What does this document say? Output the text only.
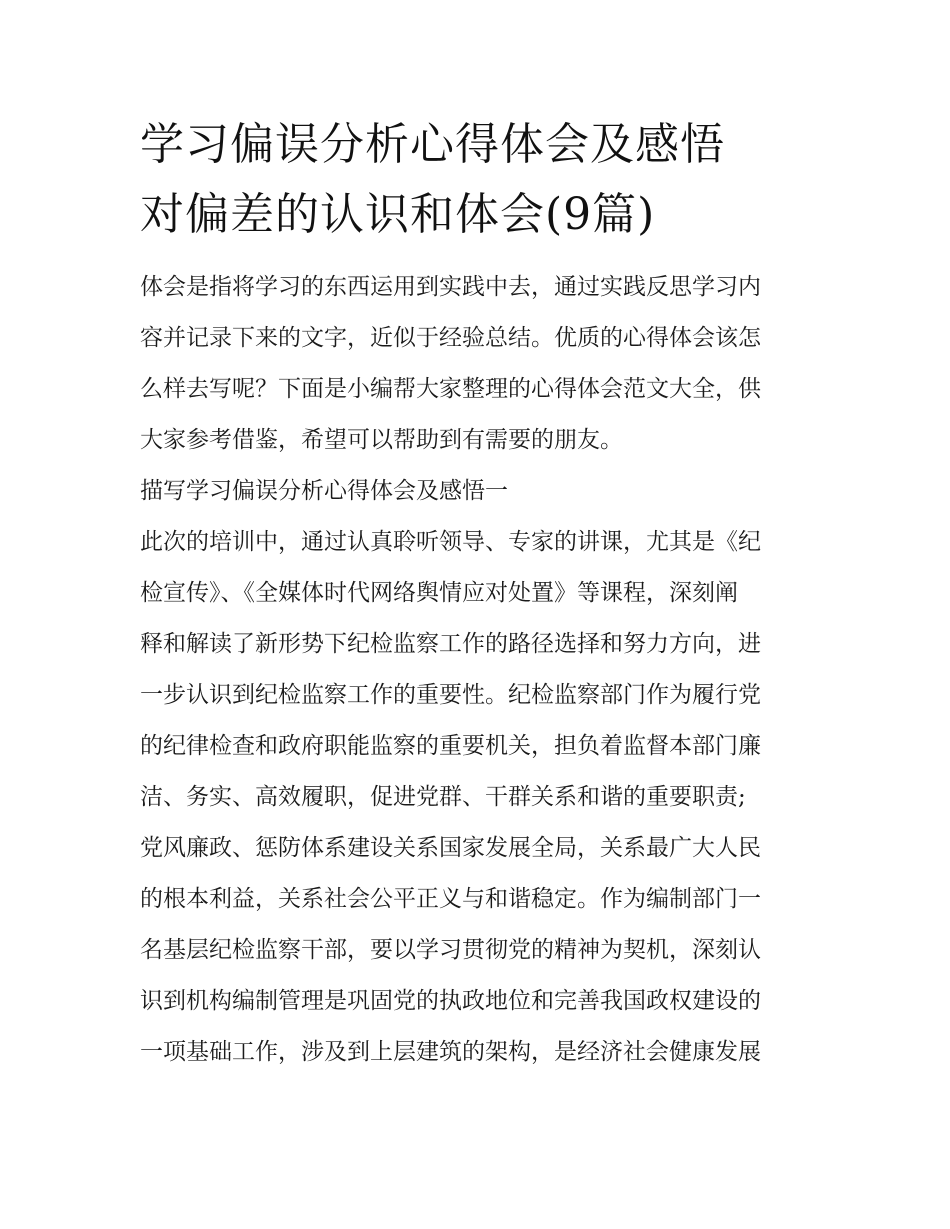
学习偏误分析心得体会及感悟
对偏差的认识和体会(9篇)

体会是指将学习的东西运用到实践中去，通过实践反思学习内
容并记录下来的文字，近似于经验总结。优质的心得体会该怎
么样去写呢？下面是小编帮大家整理的心得体会范文大全，供
大家参考借鉴，希望可以帮助到有需要的朋友。

描写学习偏误分析心得体会及感悟一

此次的培训中，通过认真聆听领导、专家的讲课，尤其是《纪
检宣传》、《全媒体时代网络舆情应对处置》等课程，深刻阐
释和解读了新形势下纪检监察工作的路径选择和努力方向，进
一步认识到纪检监察工作的重要性。纪检监察部门作为履行党
的纪律检查和政府职能监察的重要机关，担负着监督本部门廉
洁、务实、高效履职，促进党群、干群关系和谐的重要职责;
党风廉政、惩防体系建设关系国家发展全局，关系最广大人民
的根本利益，关系社会公平正义与和谐稳定。作为编制部门一
名基层纪检监察干部，要以学习贯彻党的精神为契机，深刻认
识到机构编制管理是巩固党的执政地位和完善我国政权建设的
一项基础工作，涉及到上层建筑的架构，是经济社会健康发展
